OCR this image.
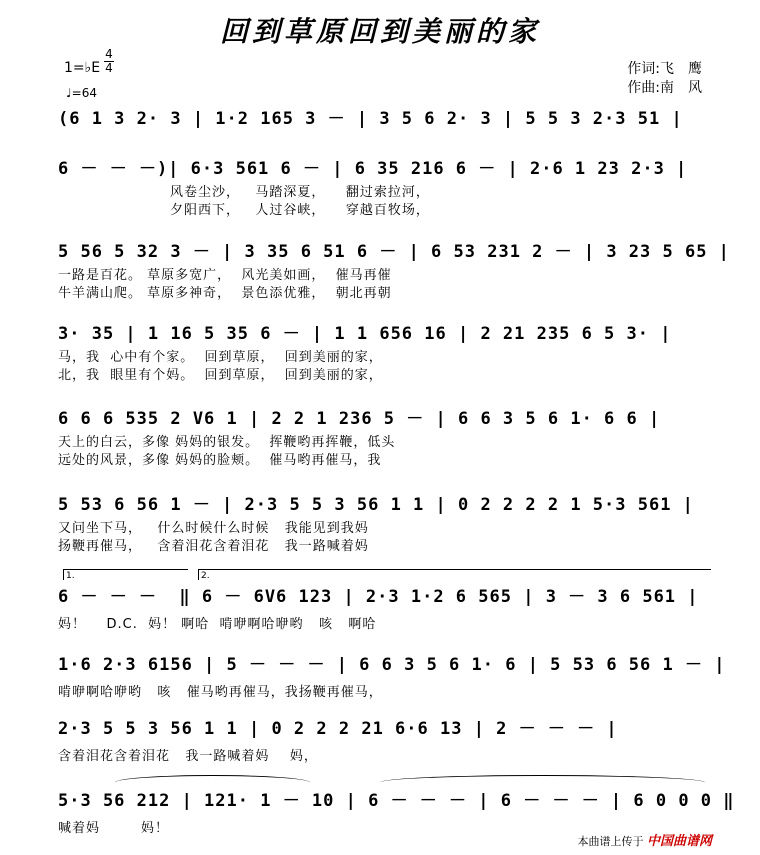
回到草原回到美丽的家
1=♭E
4
4
♩=64
作词:飞　鹰
作曲:南　风
(6 1 3 2· 3 | 1·2 165 3 － | 3 5 6 2· 3 | 5 5 3 2·3 51 |
6 － － －)| 6·3 561 6 － | 6 35 216 6 － | 2·6 1 23 2·3 |
风卷尘沙，   马踏深夏，    翻过索拉河，
夕阳西下，   人过谷峡，    穿越百牧场，
5 56 5 32 3 － | 3 35 6 51 6 － | 6 53 231 2 － | 3 23 5 65 |
一路是百花。 草原多宽广，  风光美如画，  催马再催
牛羊满山爬。 草原多神奇，  景色添优雅，  朝北再朝
3· 35 | 1 16 5 35 6 － | 1 1 656 16 | 2 21 235 6 5 3· |
马，我  心中有个家。  回到草原，  回到美丽的家，
北，我  眼里有个妈。  回到草原，  回到美丽的家，
6 6 6 535 2 V6 1 | 2 2 1 236 5 － | 6 6 3 5 6 1· 6 6 |
天上的白云，多像 妈妈的银发。  挥鞭哟再挥鞭，低头
远处的风景，多像 妈妈的脸颊。  催马哟再催马，我
5 53 6 56 1 － | 2·3 5 5 3 56 1 1 | 0 2 2 2 2 1 5·3 561 |
又问坐下马，   什么时候什么时候   我能见到我妈
扬鞭再催马，   含着泪花含着泪花   我一路喊着妈
1.	2.
6 － － －  ‖ 6 － 6V6 123 | 2·3 1·2 6 565 | 3 － 3 6 561 |
妈！    D.C.  妈！ 啊哈  啃咿啊哈咿哟   咳   啊哈
1·6 2·3 6156 | 5 － － － | 6 6 3 5 6 1· 6 | 5 53 6 56 1 － |
啃咿啊哈咿哟   咳   催马哟再催马，我扬鞭再催马，
2·3 5 5 3 56 1 1 | 0 2 2 2 21 6·6 13 | 2 － － － |
含着泪花含着泪花   我一路喊着妈    妈，
5·3 56 212 | 121· 1 － 10 | 6 － － － | 6 － － － | 6 0 0 0 ‖
喊着妈        妈！
本曲谱上传于 中国曲谱网
